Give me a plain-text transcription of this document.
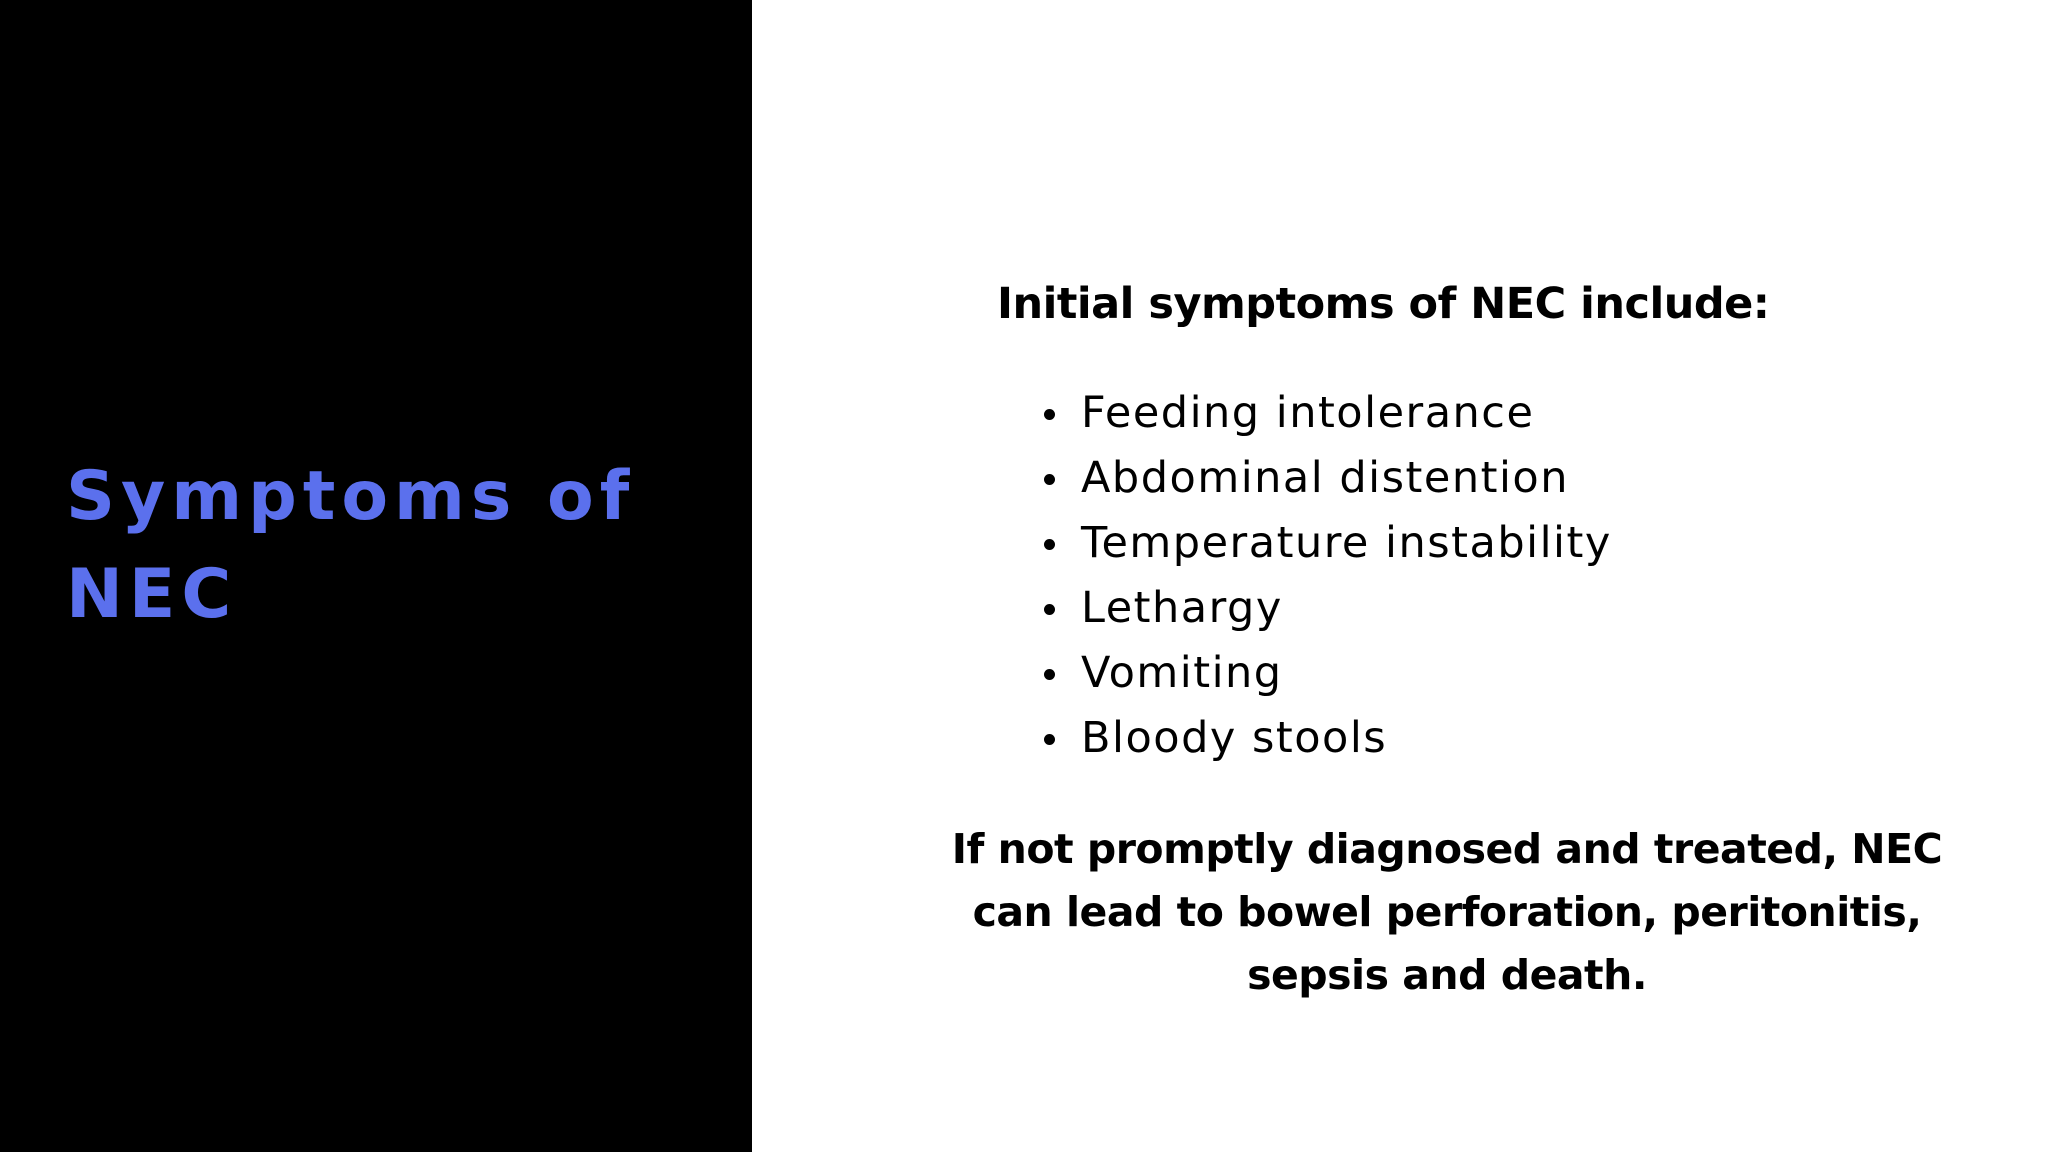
Symptoms of NEC

Initial symptoms of NEC include:

Feeding intolerance
Abdominal distention
Temperature instability
Lethargy
Vomiting
Bloody stools

If not promptly diagnosed and treated, NEC can lead to bowel perforation, peritonitis, sepsis and death.
